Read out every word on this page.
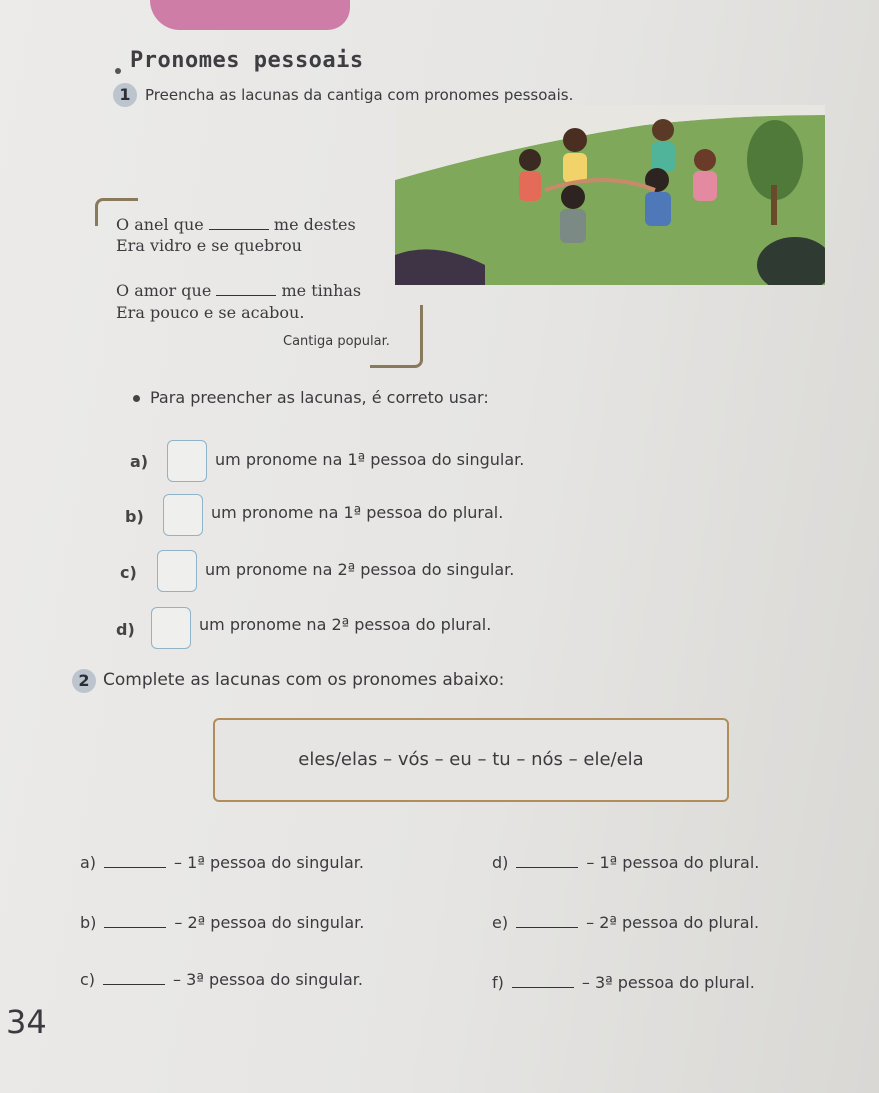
Pronomes pessoais
1 Preencha as lacunas da cantiga com pronomes pessoais.
O anel que	me destes
Era vidro e se quebrou
O amor que	me tinhas
Era pouco e se acabou.
Cantiga popular.
Para preencher as lacunas, é correto usar:
a)	um pronome na 1ª pessoa do singular.
b)	um pronome na 1ª pessoa do plural.
c)	um pronome na 2ª pessoa do singular.
d)	um pronome na 2ª pessoa do plural.
2 Complete as lacunas com os pronomes abaixo:
eles/elas – vós – eu – tu – nós – ele/ela
a)	– 1ª pessoa do singular.
b)	– 2ª pessoa do singular.
c)	– 3ª pessoa do singular.
d)	– 1ª pessoa do plural.
e)	– 2ª pessoa do plural.
f)	– 3ª pessoa do plural.
34
